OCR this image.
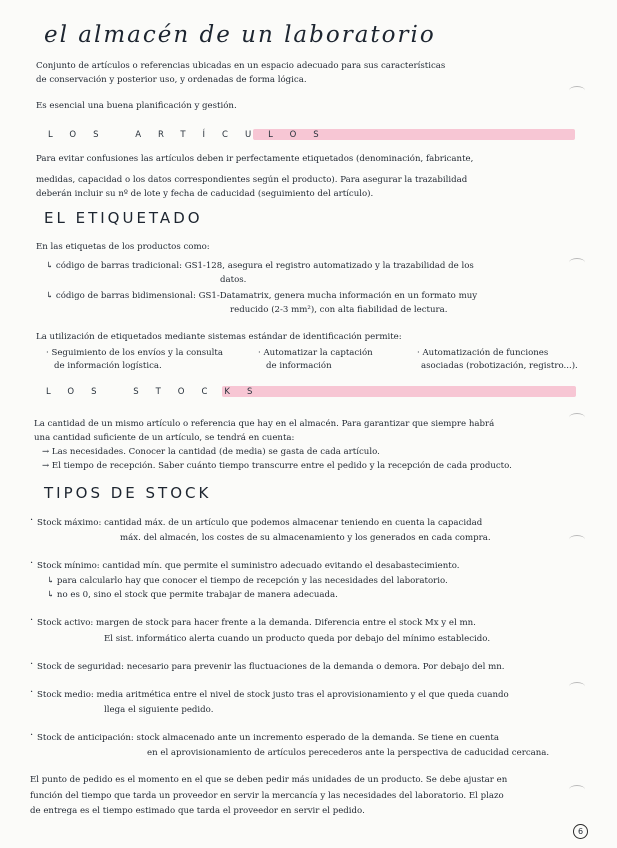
el almacén de un laboratorio
Conjunto de artículos o referencias ubicadas en un espacio adecuado para sus características
de conservación y posterior uso, y ordenadas de forma lógica.
Es esencial una buena planificación y gestión.
LOS ARTÍCULOS
Para evitar confusiones las artículos deben ir perfectamente etiquetados (denominación, fabricante,
medidas, capacidad o los datos correspondientes según el producto). Para asegurar la trazabilidad
deberán incluir su nº de lote y fecha de caducidad (seguimiento del artículo).
EL ETIQUETADO
En las etiquetas de los productos como:
↳ código de barras tradicional: GS1-128, asegura el registro automatizado y la trazabilidad de los
datos.
↳ código de barras bidimensional: GS1-Datamatrix, genera mucha información en un formato muy
reducido (2-3 mm²), con alta fiabilidad de lectura.
La utilización de etiquetados mediante sistemas estándar de identificación permite:
· Seguimiento de los envíos y la consulta
de información logística.
· Automatizar la captación
de información
· Automatización de funciones
asociadas (robotización, registro...).
LOS STOCKS
La cantidad de un mismo artículo o referencia que hay en el almacén. Para garantizar que siempre habrá
una cantidad suficiente de un artículo, se tendrá en cuenta:
→ Las necesidades. Conocer la cantidad (de media) se gasta de cada artículo.
→ El tiempo de recepción. Saber cuánto tiempo transcurre entre el pedido y la recepción de cada producto.
TIPOS DE STOCK
· Stock máximo: cantidad máx. de un artículo que podemos almacenar teniendo en cuenta la capacidad
máx. del almacén, los costes de su almacenamiento y los generados en cada compra.
· Stock mínimo: cantidad mín. que permite el suministro adecuado evitando el desabastecimiento.
↳ para calcularlo hay que conocer el tiempo de recepción y las necesidades del laboratorio.
↳ no es 0, sino el stock que permite trabajar de manera adecuada.
· Stock activo: margen de stock para hacer frente a la demanda. Diferencia entre el stock Mx y el mn.
El sist. informático alerta cuando un producto queda por debajo del mínimo establecido.
· Stock de seguridad: necesario para prevenir las fluctuaciones de la demanda o demora. Por debajo del mn.
· Stock medio: media aritmética entre el nivel de stock justo tras el aprovisionamiento y el que queda cuando
llega el siguiente pedido.
· Stock de anticipación: stock almacenado ante un incremento esperado de la demanda. Se tiene en cuenta
en el aprovisionamiento de artículos perecederos ante la perspectiva de caducidad cercana.
El punto de pedido es el momento en el que se deben pedir más unidades de un producto. Se debe ajustar en
función del tiempo que tarda un proveedor en servir la mercancía y las necesidades del laboratorio. El plazo
de entrega es el tiempo estimado que tarda el proveedor en servir el pedido.
6
